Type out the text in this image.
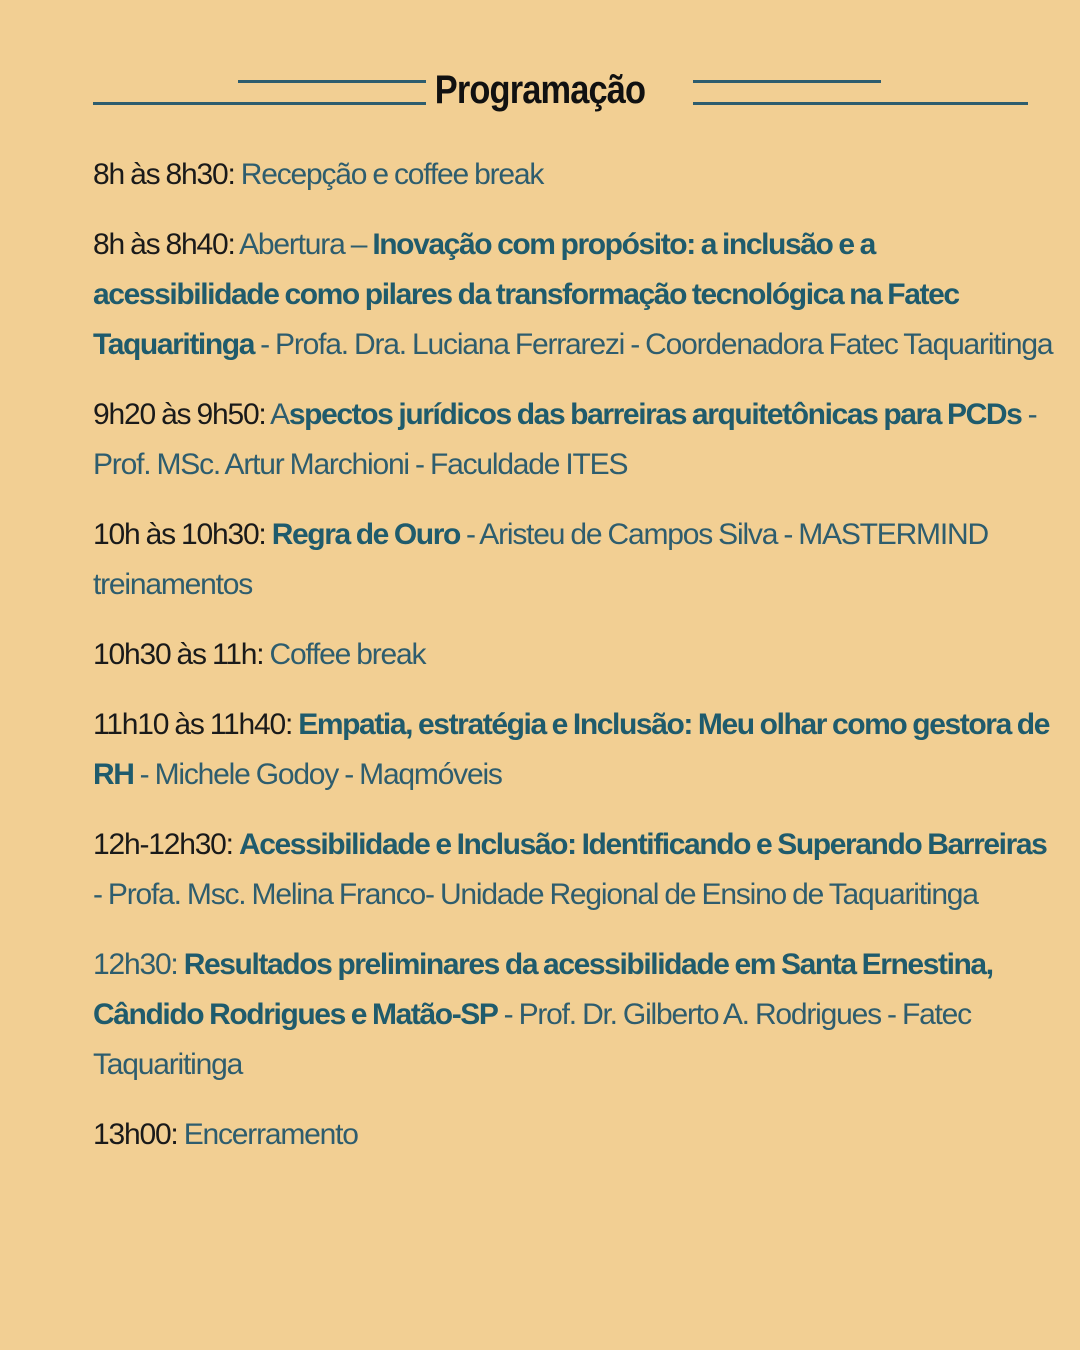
Programação
8h às 8h30: Recepção e coffee break
8h às 8h40: Abertura – Inovação com propósito: a inclusão e a acessibilidade como pilares da transformação tecnológica na Fatec Taquaritinga - Profa. Dra. Luciana Ferrarezi - Coordenadora Fatec Taquaritinga
9h20 às 9h50: Aspectos jurídicos das barreiras arquitetônicas para PCDs - Prof. MSc. Artur Marchioni - Faculdade ITES
10h às 10h30: Regra de Ouro - Aristeu de Campos Silva - MASTERMIND treinamentos
10h30 às 11h: Coffee break
11h10 às 11h40: Empatia, estratégia e Inclusão: Meu olhar como gestora de RH - Michele Godoy - Maqmóveis
12h-12h30: Acessibilidade e Inclusão: Identificando e Superando Barreiras - Profa. Msc. Melina Franco- Unidade Regional de Ensino de Taquaritinga
12h30: Resultados preliminares da acessibilidade em Santa Ernestina, Cândido Rodrigues e Matão-SP - Prof. Dr. Gilberto A. Rodrigues - Fatec Taquaritinga
13h00: Encerramento
